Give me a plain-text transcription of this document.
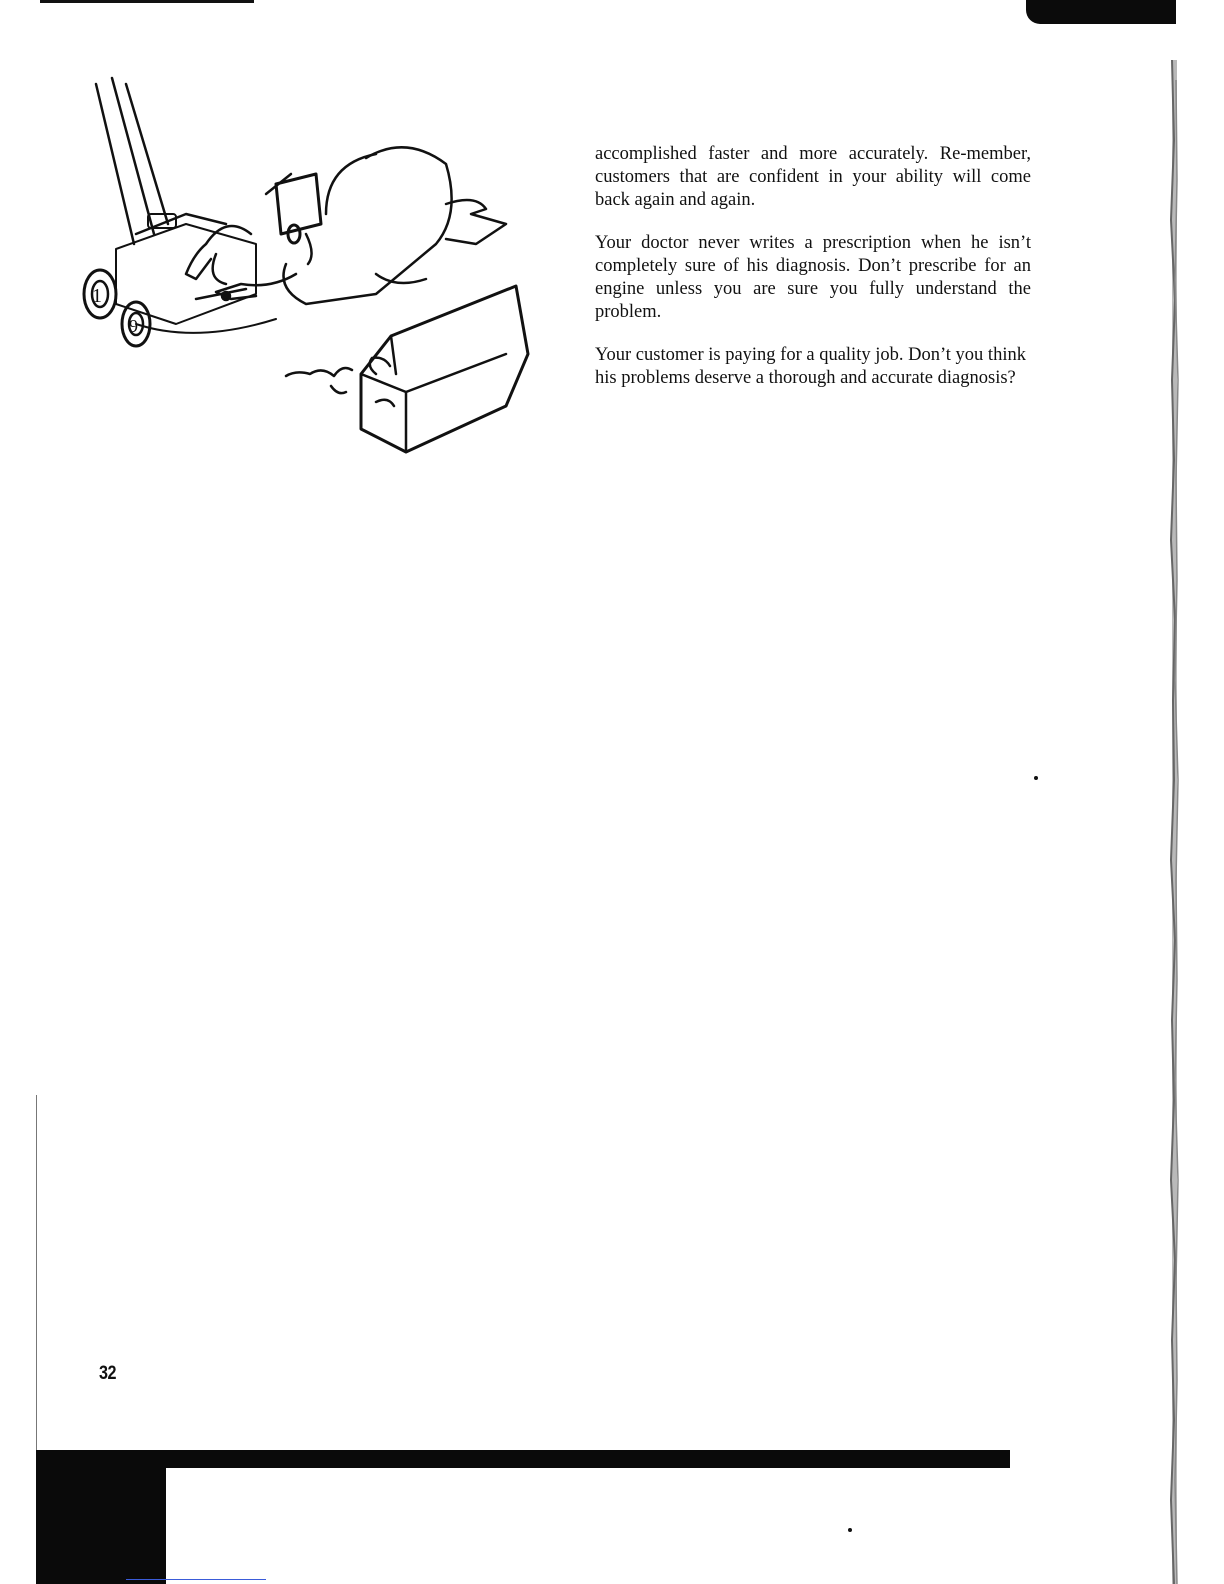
1
9

accomplished faster and more accurately. Re-member, customers that are confident in your ability will come back again and again.

Your doctor never writes a prescription when he isn’t completely sure of his diagnosis. Don’t prescribe for an engine unless you are sure you fully understand the problem.

Your customer is paying for a quality job. Don’t you think his problems deserve a thorough and accurate diagnosis?

32
